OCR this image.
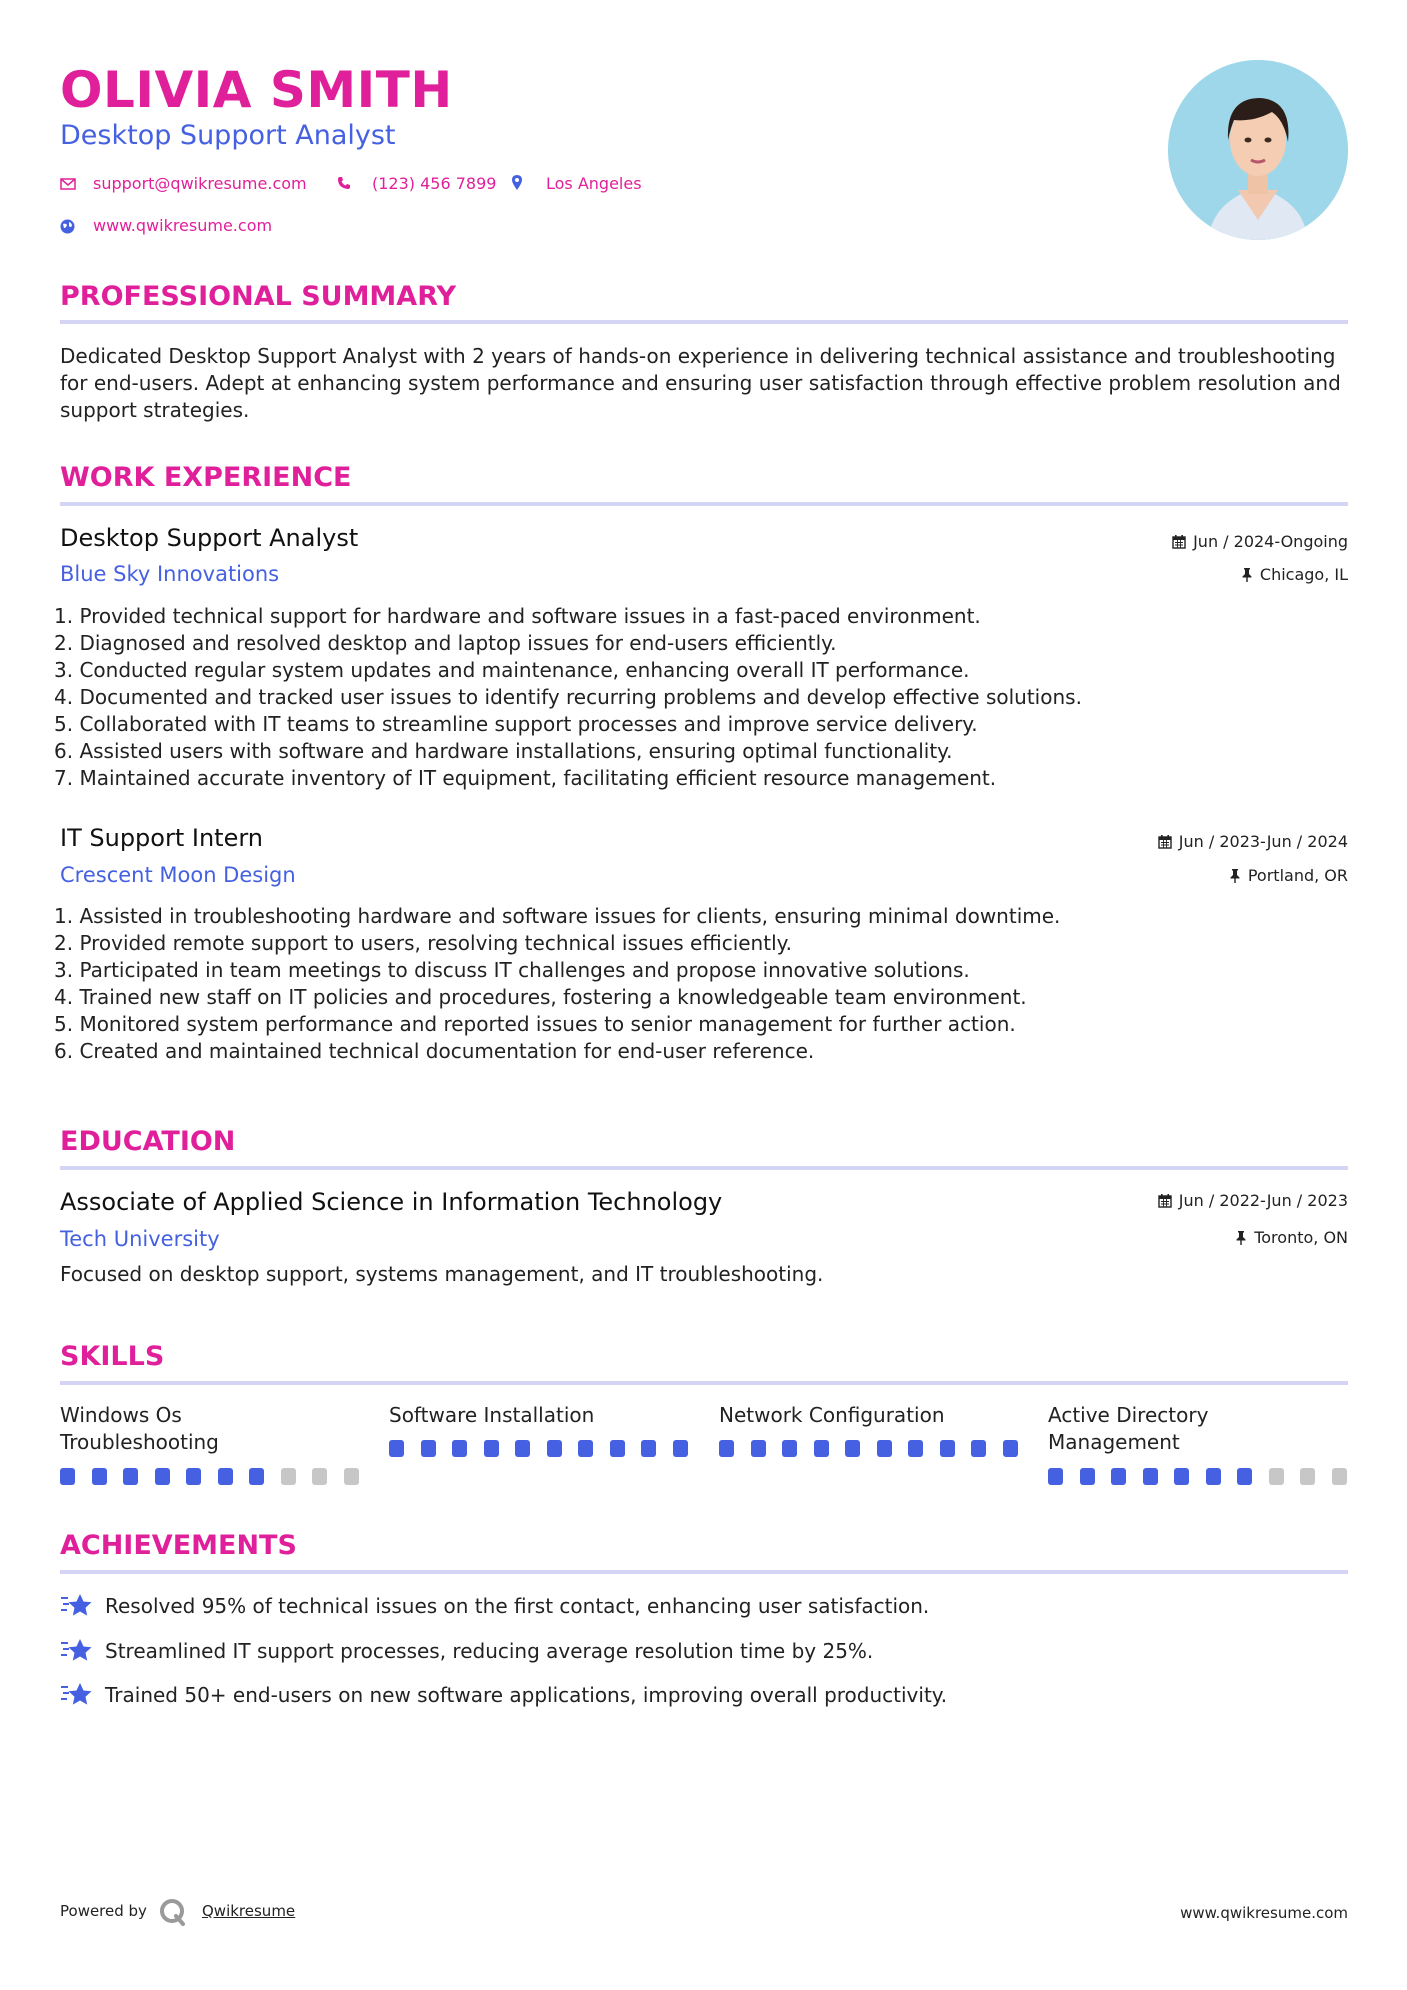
OLIVIA SMITH
Desktop Support Analyst
support@qwikresume.com	(123) 456 7899	Los Angeles
www.qwikresume.com
PROFESSIONAL SUMMARY

Dedicated Desktop Support Analyst with 2 years of hands-on experience in delivering technical assistance and troubleshooting for end-users. Adept at enhancing system performance and ensuring user satisfaction through effective problem resolution and support strategies.

WORK EXPERIENCE
Desktop Support Analyst
Blue Sky Innovations
Jun / 2024-Ongoing
Chicago, IL
1. Provided technical support for hardware and software issues in a fast-paced environment.
2. Diagnosed and resolved desktop and laptop issues for end-users efficiently.
3. Conducted regular system updates and maintenance, enhancing overall IT performance.
4. Documented and tracked user issues to identify recurring problems and develop effective solutions.
5. Collaborated with IT teams to streamline support processes and improve service delivery.
6. Assisted users with software and hardware installations, ensuring optimal functionality.
7. Maintained accurate inventory of IT equipment, facilitating efficient resource management.
IT Support Intern
Crescent Moon Design
Jun / 2023-Jun / 2024
Portland, OR
1. Assisted in troubleshooting hardware and software issues for clients, ensuring minimal downtime.
2. Provided remote support to users, resolving technical issues efficiently.
3. Participated in team meetings to discuss IT challenges and propose innovative solutions.
4. Trained new staff on IT policies and procedures, fostering a knowledgeable team environment.
5. Monitored system performance and reported issues to senior management for further action.
6. Created and maintained technical documentation for end-user reference.
EDUCATION
Associate of Applied Science in Information Technology
Tech University
Jun / 2022-Jun / 2023
Toronto, ON

Focused on desktop support, systems management, and IT troubleshooting.

SKILLS
Windows Os
Troubleshooting
Software Installation	Network Configuration	Active Directory
Management
ACHIEVEMENTS
Resolved 95% of technical issues on the first contact, enhancing user satisfaction.
Streamlined IT support processes, reducing average resolution time by 25%.
Trained 50+ end-users on new software applications, improving overall productivity.
Powered by	Qwikresume	www.qwikresume.com
